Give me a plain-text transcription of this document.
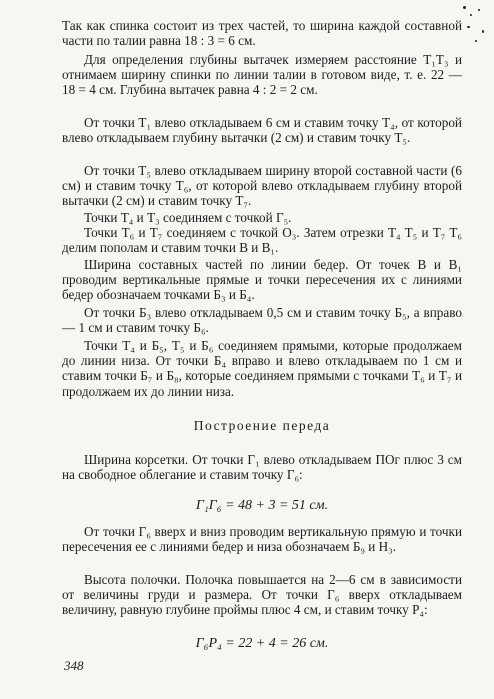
Так как спинка состоит из трех частей, то ширина каждой составной части по талии равна 18 : 3 = 6 см.

Для определения глубины вытачек измеряем расстояние T₁T₃ и отнимаем ширину спинки по линии талии в готовом виде, т. е. 22 — 18 = 4 см. Глубина вытачек равна 4 : 2 = 2 см.

От точки T₁ влево откладываем 6 см и ставим точку T₄, от которой влево откладываем глубину вытачки (2 см) и ставим точку T₅.

От точки T₅ влево откладываем ширину второй составной части (6 см) и ставим точку T₆, от которой влево откладываем глубину второй вытачки (2 см) и ставим точку T₇.

Точки T₄ и T₃ соединяем с точкой Г₅.

Точки T₆ и T₇ соединяем с точкой O₃. Затем отрезки T₄ T₅ и T₇ T₆ делим пополам и ставим точки В и В₁.

Ширина составных частей по линии бедер. От точек В и В₁ проводим вертикальные прямые и точки пересечения их с линиями бедер обозначаем точками Б₃ и Б₄.

От точки Б₃ влево откладываем 0,5 см и ставим точку Б₅, а вправо — 1 см и ставим точку Б₆.

Точки T₄ и Б₅, T₅ и Б₆ соединяем прямыми, которые продолжаем до линии низа. От точки Б₄ вправо и влево откладываем по 1 см и ставим точки Б₇ и Б₈, которые соединяем прямыми с точками T₆ и T₇ и продолжаем их до линии низа.

Построение переда

Ширина корсетки. От точки Г₁ влево откладываем ПОг плюс 3 см на свободное облегание и ставим точку Г₆:

Г₁Г₆ = 48 + 3 = 51 см.

От точки Г₆ вверх и вниз проводим вертикальную прямую и точки пересечения ее с линиями бедер и низа обозначаем Б₉ и Н₃.

Высота полочки. Полочка повышается на 2—6 см в зависимости от величины груди и размера. От точки Г₆ вверх откладываем величину, равную глубине проймы плюс 4 см, и ставим точку P₄:

Г₆P₄ = 22 + 4 = 26 см.

348
